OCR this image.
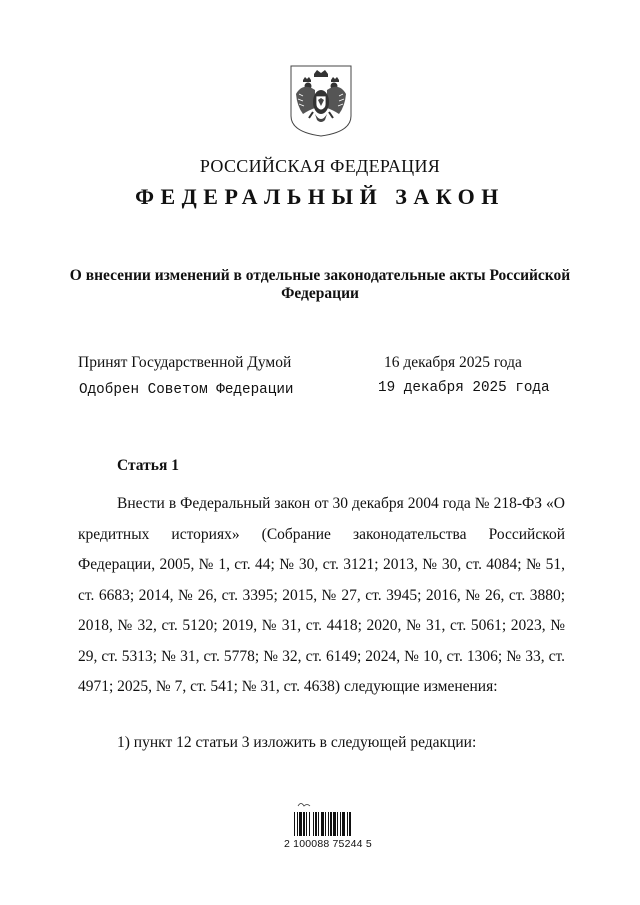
РОССИЙСКАЯ ФЕДЕРАЦИЯ
ФЕДЕРАЛЬНЫЙ ЗАКОН
О внесении изменений в отдельные законодательные акты Российской Федерации
Принят Государственной Думой	16 декабря 2025 года
Одобрен Советом Федерации	19 декабря 2025 года
Статья 1

Внести в Федеральный закон от 30 декабря 2004 года № 218-ФЗ «О кредитных историях» (Собрание законодательства Российской Федерации, 2005, № 1, ст. 44; № 30, ст. 3121; 2013, № 30, ст. 4084; № 51, ст. 6683; 2014, № 26, ст. 3395; 2015, № 27, ст. 3945; 2016, № 26, ст. 3880; 2018, № 32, ст. 5120; 2019, № 31, ст. 4418; 2020, № 31, ст. 5061; 2023, № 29, ст. 5313; № 31, ст. 5778; № 32, ст. 6149; 2024, № 10, ст. 1306; № 33, ст. 4971; 2025, № 7, ст. 541; № 31, ст. 4638) следующие изменения:

1) пункт 12 статьи 3 изложить в следующей редакции:
2 100088 75244 5
